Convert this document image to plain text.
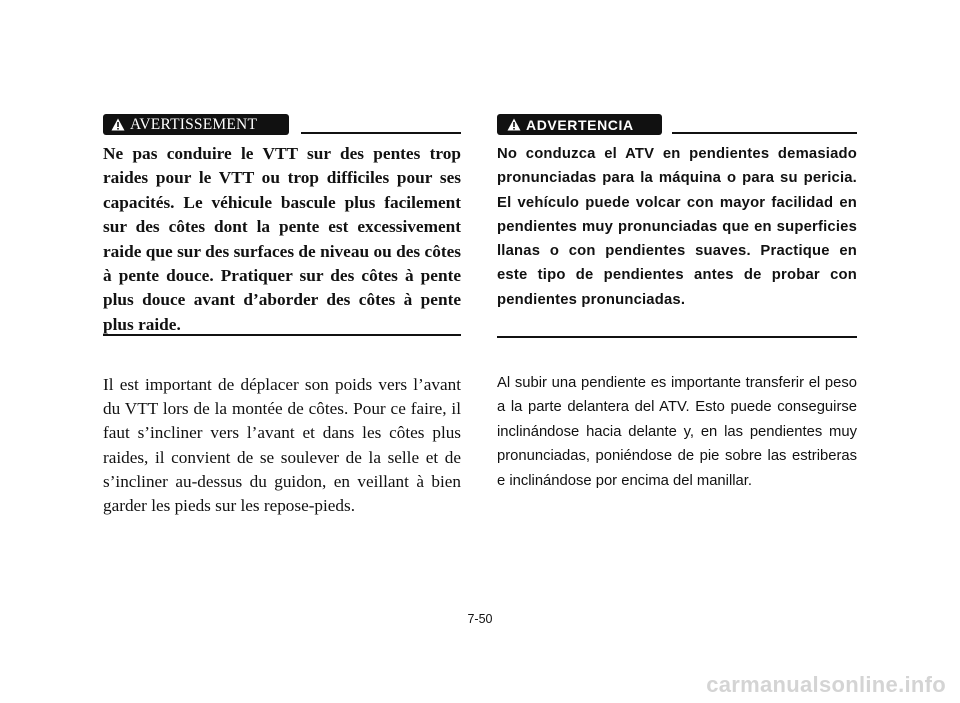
AVERTISSEMENT

Ne pas conduire le VTT sur des pentes trop raides pour le VTT ou trop difficiles pour ses capacités. Le véhicule bascule plus facilement sur des côtes dont la pente est excessivement raide que sur des surfaces de niveau ou des côtes à pente douce. Pratiquer sur des côtes à pente plus douce avant d’aborder des côtes à pente plus raide.

Il est important de déplacer son poids vers l’avant du VTT lors de la montée de côtes. Pour ce faire, il faut s’incliner vers l’avant et dans les côtes plus raides, il convient de se soulever de la selle et de s’incliner au-dessus du guidon, en veillant à bien garder les pieds sur les repose-pieds.

ADVERTENCIA

No conduzca el ATV en pendientes demasiado pronunciadas para la máquina o para su pericia. El vehículo puede volcar con mayor facilidad en pendientes muy pronunciadas que en superficies llanas o con pendientes suaves. Practique en este tipo de pendientes antes de probar con pendientes pronunciadas.

Al subir una pendiente es importante transferir el peso a la parte delantera del ATV. Esto puede conseguirse inclinándose hacia delante y, en las pendientes muy pronunciadas, poniéndose de pie sobre las estriberas e inclinándose por encima del manillar.

7-50
carmanualsonline.info
